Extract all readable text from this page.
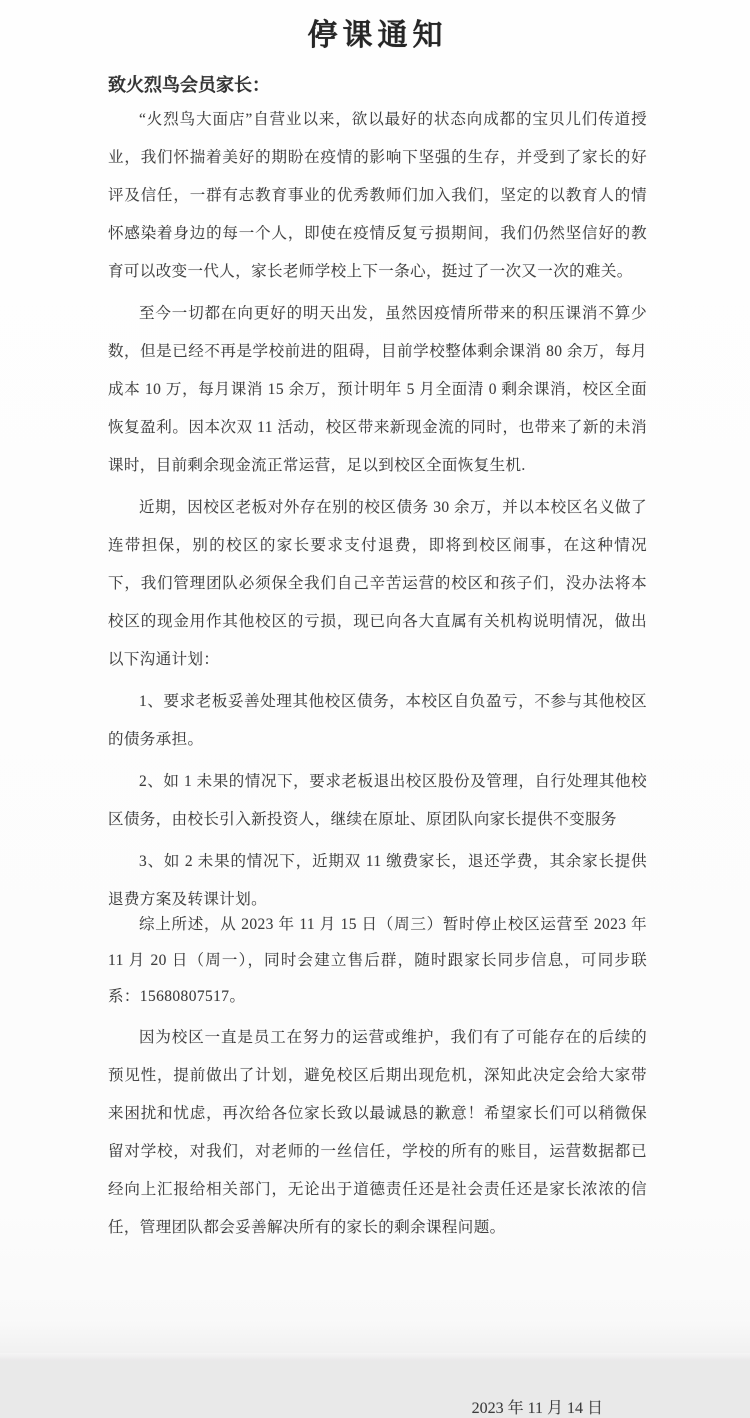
停课通知
致火烈鸟会员家长：

“火烈鸟大面店”自营业以来，欲以最好的状态向成都的宝贝儿们传道授业，我们怀揣着美好的期盼在疫情的影响下坚强的生存，并受到了家长的好评及信任，一群有志教育事业的优秀教师们加入我们，坚定的以教育人的情怀感染着身边的每一个人，即使在疫情反复亏损期间，我们仍然坚信好的教育可以改变一代人，家长老师学校上下一条心，挺过了一次又一次的难关。

至今一切都在向更好的明天出发，虽然因疫情所带来的积压课消不算少数，但是已经不再是学校前进的阻碍，目前学校整体剩余课消 80 余万，每月成本 10 万，每月课消 15 余万，预计明年 5 月全面清 0 剩余课消，校区全面恢复盈利。因本次双 11 活动，校区带来新现金流的同时，也带来了新的未消课时，目前剩余现金流正常运营，足以到校区全面恢复生机.

近期，因校区老板对外存在别的校区债务 30 余万，并以本校区名义做了连带担保，别的校区的家长要求支付退费，即将到校区闹事，在这种情况下，我们管理团队必须保全我们自己辛苦运营的校区和孩子们，没办法将本校区的现金用作其他校区的亏损，现已向各大直属有关机构说明情况，做出以下沟通计划：

1、要求老板妥善处理其他校区债务，本校区自负盈亏，不参与其他校区的债务承担。

2、如 1 未果的情况下，要求老板退出校区股份及管理，自行处理其他校区债务，由校长引入新投资人，继续在原址、原团队向家长提供不变服务

3、如 2 未果的情况下，近期双 11 缴费家长，退还学费，其余家长提供退费方案及转课计划。

综上所述，从 2023 年 11 月 15 日（周三）暂时停止校区运营至 2023 年 11 月 20 日（周一），同时会建立售后群，随时跟家长同步信息，可同步联系：15680807517。

因为校区一直是员工在努力的运营或维护，我们有了可能存在的后续的预见性，提前做出了计划，避免校区后期出现危机，深知此决定会给大家带来困扰和忧虑，再次给各位家长致以最诚恳的歉意！希望家长们可以稍微保留对学校，对我们，对老师的一丝信任，学校的所有的账目，运营数据都已经向上汇报给相关部门，无论出于道德责任还是社会责任还是家长浓浓的信任，管理团队都会妥善解决所有的家长的剩余课程问题。

2023 年 11 月 14 日
